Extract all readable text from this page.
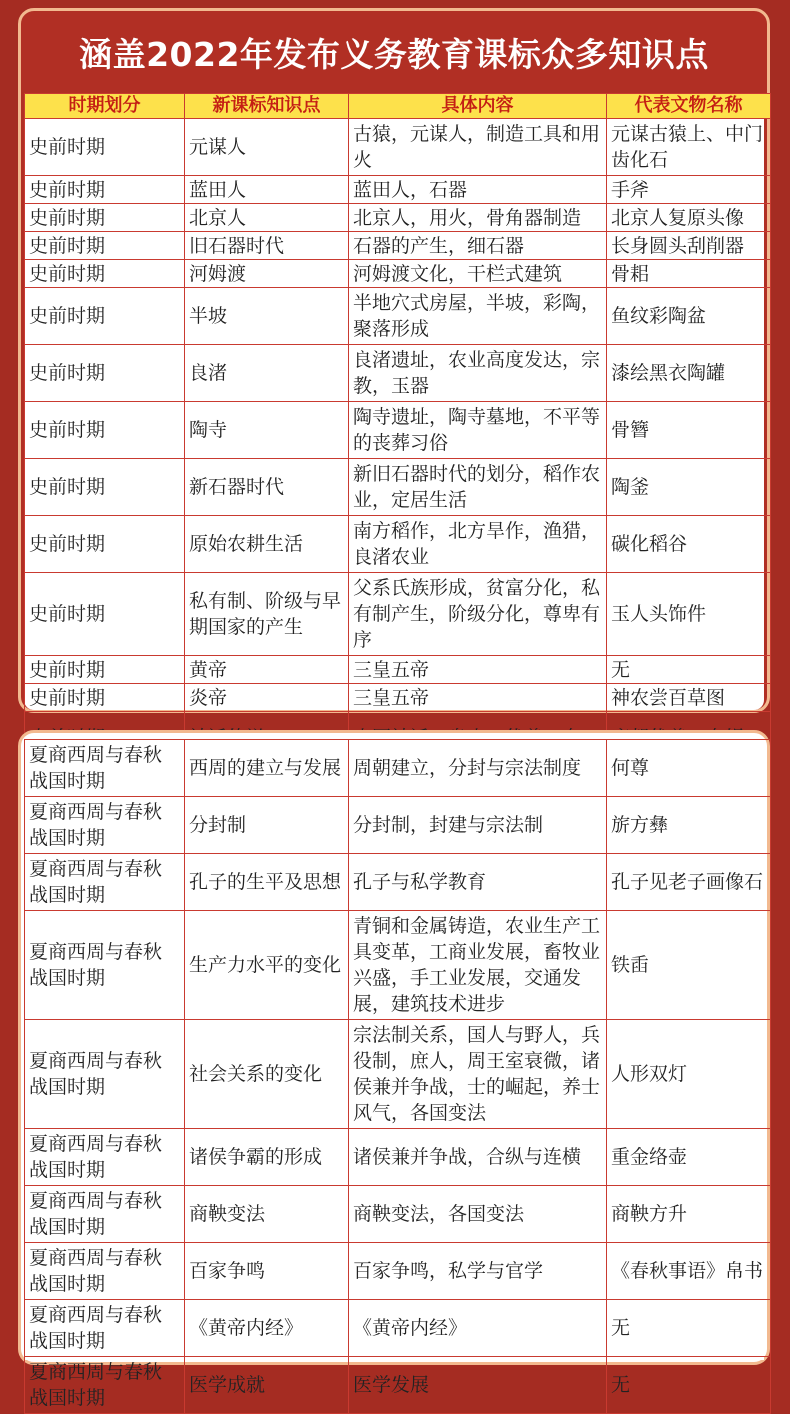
涵盖2022年发布义务教育课标众多知识点
时期划分	新课标知识点	具体内容	代表文物名称
史前时期	元谋人	古猿，元谋人，制造工具和用火	元谋古猿上、中门齿化石
史前时期	蓝田人	蓝田人，石器	手斧
史前时期	北京人	北京人，用火，骨角器制造	北京人复原头像
史前时期	旧石器时代	石器的产生，细石器	长身圆头刮削器
史前时期	河姆渡	河姆渡文化，干栏式建筑	骨耜
史前时期	半坡	半地穴式房屋，半坡，彩陶，聚落形成	鱼纹彩陶盆
史前时期	良渚	良渚遗址，农业高度发达，宗教，玉器	漆绘黑衣陶罐
史前时期	陶寺	陶寺遗址，陶寺墓地，不平等的丧葬习俗	骨簪
史前时期	新石器时代	新旧石器时代的划分，稻作农业，定居生活	陶釜
史前时期	原始农耕生活	南方稻作，北方旱作，渔猎，良渚农业	碳化稻谷
史前时期	私有制、阶级与早期国家的产生	父系氏族形成，贫富分化，私有制产生，阶级分化，尊卑有序	玉人头饰件
史前时期	黄帝	三皇五帝	无
史前时期	炎帝	三皇五帝	神农尝百草图

夏商西周与春秋战国时期	西周的建立与发展	周朝建立，分封与宗法制度	何尊
夏商西周与春秋战国时期	分封制	分封制，封建与宗法制	旂方彝
夏商西周与春秋战国时期	孔子的生平及思想	孔子与私学教育	孔子见老子画像石
夏商西周与春秋战国时期	生产力水平的变化	青铜和金属铸造，农业生产工具变革，工商业发展，畜牧业兴盛，手工业发展，交通发展，建筑技术进步	铁臿
夏商西周与春秋战国时期	社会关系的变化	宗法制关系，国人与野人，兵役制，庶人，周王室衰微，诸侯兼并争战，士的崛起，养士风气，各国变法	人形双灯
夏商西周与春秋战国时期	诸侯争霸的形成	诸侯兼并争战，合纵与连横	重金络壶
夏商西周与春秋战国时期	商鞅变法	商鞅变法，各国变法	商鞅方升
夏商西周与春秋战国时期	百家争鸣	百家争鸣，私学与官学	《春秋事语》帛书
夏商西周与春秋战国时期	《黄帝内经》	《黄帝内经》	无
夏商西周与春秋战国时期	医学成就	医学发展	无
